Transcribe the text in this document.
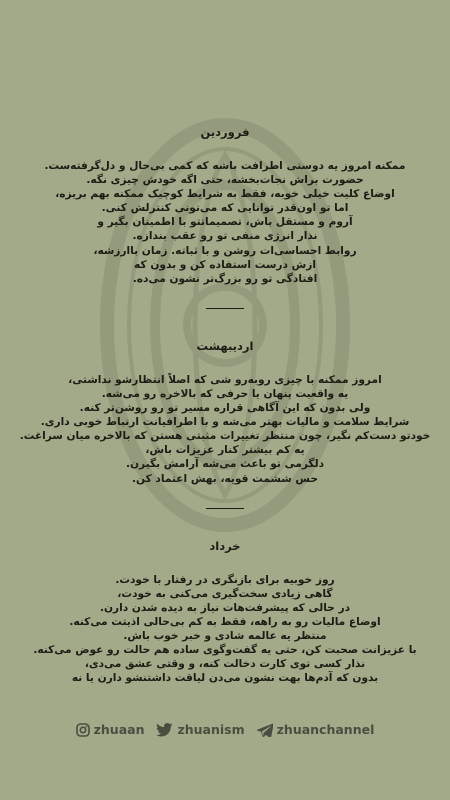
فروردین
ممکنه امروز یه دوستی اطرافت باشه که کمی بی‌حال و دل‌گرفته‌ست.
حضورت براش نجات‌بخشه، حتی اگه خودش چیزی نگه.
اوضاع کلیت خیلی خوبه، فقط به شرایط کوچیک ممکنه بهم بریزه،
اما تو اون‌قدر توانایی که می‌تونی کنترلش کنی.
آروم و مستقل باش، تصمیماتتو با اطمینان بگیر و
نذار انرژی منفی تو رو عقب بندازه.
روابط احساسی‌ات روشن و با ثباته. زمان باارزشه،
ازش درست استفاده کن و بدون که
افتادگی تو رو بزرگ‌تر نشون می‌ده.
اردیبهشت
امروز ممکنه با چیزی روبه‌رو شی که اصلاً انتظارشو نداشتی،
یه واقعیت پنهان یا حرفی که بالاخره رو می‌شه.
ولی بدون که این آگاهی قراره مسیر تو رو روشن‌تر کنه.
شرایط سلامت و مالیات بهتر می‌شه و با اطرافیانت ارتباط خوبی داری.
خودتو دست‌کم نگیر، چون منتظر تغییرات مثبتی هستن که بالاخره میان سراغت.
یه کم بیشتر کنار عزیزات باش،
دلگرمی تو باعث می‌شه آرامش بگیرن.
حس ششمت قویه، بهش اعتماد کن.
خرداد
روز خوبیه برای بازنگری در رفتار با خودت.
گاهی زیادی سخت‌گیری می‌کنی به خودت،
در حالی که پیشرفت‌هات نیاز به دیده شدن دارن.
اوضاع مالیات رو به راهه، فقط به کم بی‌حالی اذیتت می‌کنه.
منتظر یه عالمه شادی و خبر خوب باش.
با عزیزانت صحبت کن، حتی یه گفت‌وگوی ساده هم حالت رو عوض می‌کنه.
نذار کسی توی کارت دخالت کنه، و وقتی عشق می‌دی،
بدون که آدم‌ها بهت نشون می‌دن لیاقت داشتنشو دارن یا نه
zhuaan	zhuanism	zhuanchannel
